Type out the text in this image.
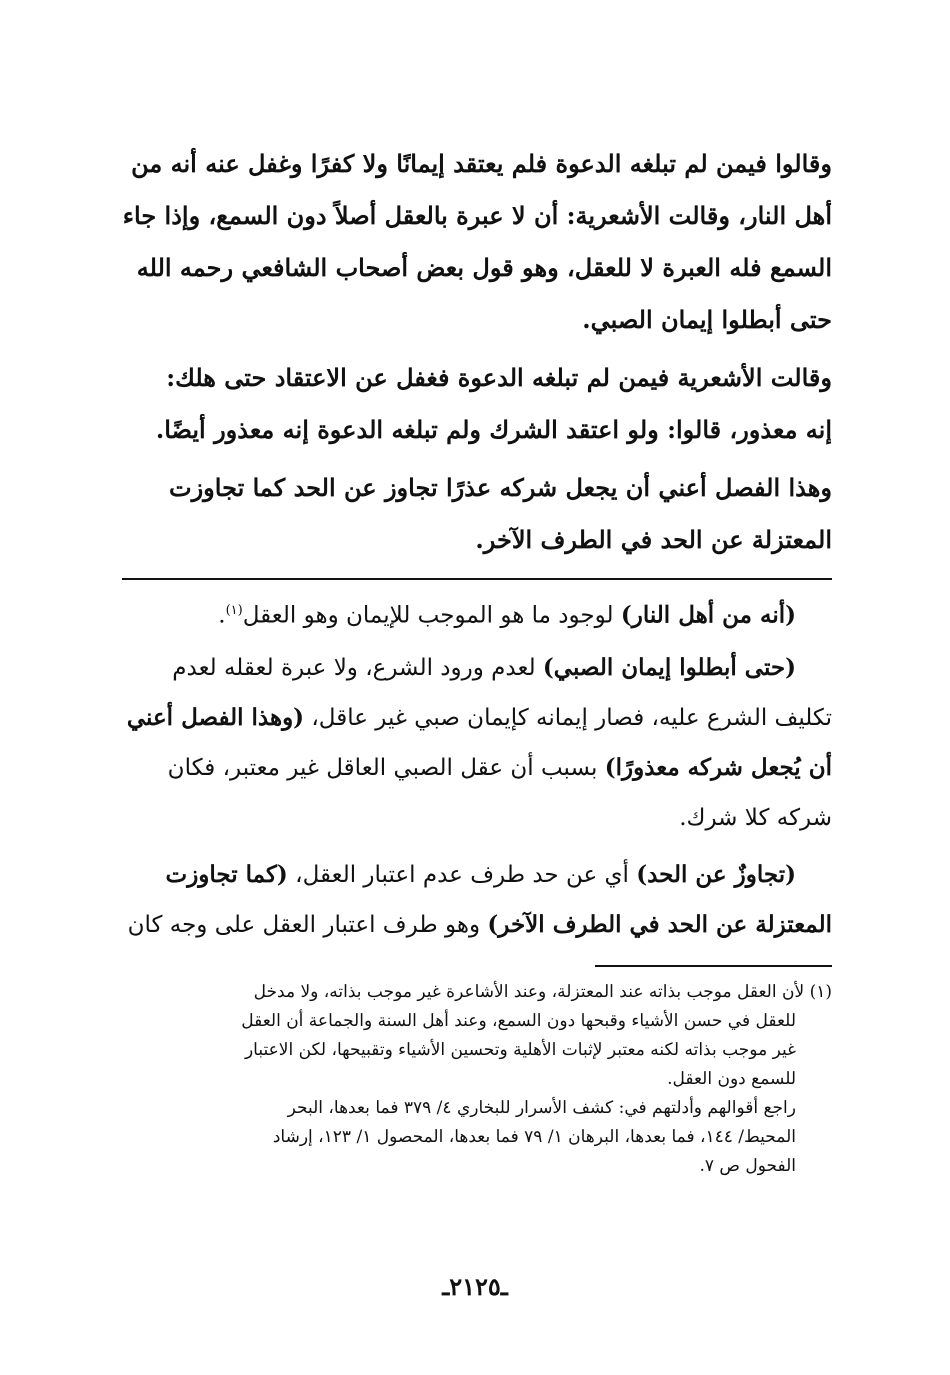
وقالوا فيمن لم تبلغه الدعوة فلم يعتقد إيمانًا ولا كفرًا وغفل عنه أنه من
أهل النار، وقالت الأشعرية: أن لا عبرة بالعقل أصلاً دون السمع، وإذا جاء
السمع فله العبرة لا للعقل، وهو قول بعض أصحاب الشافعي رحمه الله
حتى أبطلوا إيمان الصبي.
وقالت الأشعرية فيمن لم تبلغه الدعوة فغفل عن الاعتقاد حتى هلك:
إنه معذور، قالوا: ولو اعتقد الشرك ولم تبلغه الدعوة إنه معذور أيضًا.
وهذا الفصل أعني أن يجعل شركه عذرًا تجاوز عن الحد كما تجاوزت
المعتزلة عن الحد في الطرف الآخر.
(أنه من أهل النار) لوجود ما هو الموجب للإيمان وهو العقل$^{(١)}$.
(حتى أبطلوا إيمان الصبي) لعدم ورود الشرع، ولا عبرة لعقله لعدم
تكليف الشرع عليه، فصار إيمانه كإيمان صبي غير عاقل، (وهذا الفصل أعني
أن يُجعل شركه معذورًا) بسبب أن عقل الصبي العاقل غير معتبر، فكان
شركه كلا شرك.
(تجاوزٌ عن الحد) أي عن حد طرف عدم اعتبار العقل، (كما تجاوزت
المعتزلة عن الحد في الطرف الآخر) وهو طرف اعتبار العقل على وجه كان
(١) لأن العقل موجب بذاته عند المعتزلة، وعند الأشاعرة غير موجب بذاته، ولا مدخل
للعقل في حسن الأشياء وقبحها دون السمع، وعند أهل السنة والجماعة أن العقل
غير موجب بذاته لكنه معتبر لإثبات الأهلية وتحسين الأشياء وتقبيحها، لكن الاعتبار
للسمع دون العقل.
راجع أقوالهم وأدلتهم في: كشف الأسرار للبخاري ٤/ ٣٧٩ فما بعدها، البحر
المحيط/ ١٤٤، فما بعدها، البرهان ١/ ٧٩ فما بعدها، المحصول ١/ ١٢٣، إرشاد
الفحول ص ٧.
ـ٢١٢٥ـ
